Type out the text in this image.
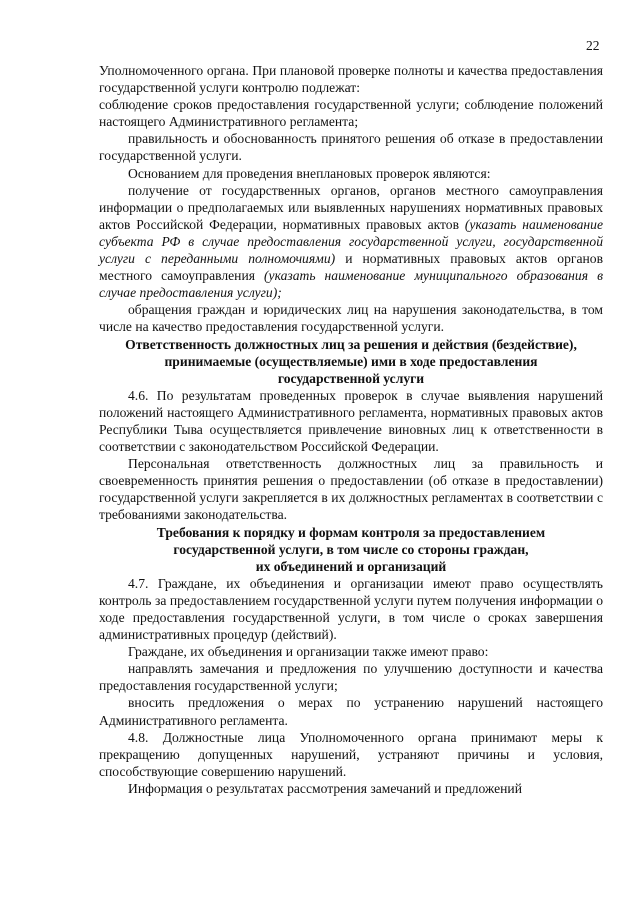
22

Уполномоченного органа. При плановой проверке полноты и качества предоставления государственной услуги контролю подлежат:

соблюдение сроков предоставления государственной услуги; соблюдение положений настоящего Административного регламента;

правильность и обоснованность принятого решения об отказе в предоставлении государственной услуги.

Основанием для проведения внеплановых проверок являются:

получение от государственных органов, органов местного самоуправления информации о предполагаемых или выявленных нарушениях нормативных правовых актов Российской Федерации, нормативных правовых актов (указать наименование субъекта РФ в случае предоставления государственной услуги, государственной услуги с переданными полномочиями) и нормативных правовых актов органов местного самоуправления (указать наименование муниципального образования в случае предоставления услуги);

обращения граждан и юридических лиц на нарушения законодательства, в том числе на качество предоставления государственной услуги.

Ответственность должностных лиц за решения и действия (бездействие),
принимаемые (осуществляемые) ими в ходе предоставления
государственной услуги

4.6. По результатам проведенных проверок в случае выявления нарушений положений настоящего Административного регламента, нормативных правовых актов Республики Тыва осуществляется привлечение виновных лиц к ответственности в соответствии с законодательством Российской Федерации.

Персональная ответственность должностных лиц за правильность и своевременность принятия решения о предоставлении (об отказе в предоставлении) государственной услуги закрепляется в их должностных регламентах в соответствии с требованиями законодательства.

Требования к порядку и формам контроля за предоставлением
государственной услуги, в том числе со стороны граждан,
их объединений и организаций

4.7. Граждане, их объединения и организации имеют право осуществлять контроль за предоставлением государственной услуги путем получения информации о ходе предоставления государственной услуги, в том числе о сроках завершения административных процедур (действий).

Граждане, их объединения и организации также имеют право:

направлять замечания и предложения по улучшению доступности и качества предоставления государственной услуги;

вносить предложения о мерах по устранению нарушений настоящего Административного регламента.

4.8. Должностные лица Уполномоченного органа принимают меры к прекращению допущенных нарушений, устраняют причины и условия, способствующие совершению нарушений.

Информация о результатах рассмотрения замечаний и предложений
